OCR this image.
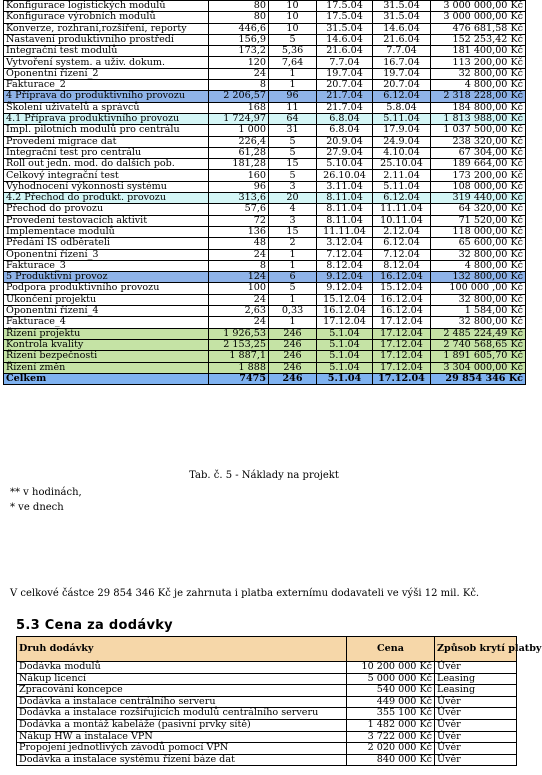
Konfigurace logistických modulů	80	10	17.5.04	31.5.04	3 000 000,00 Kč
Konfigurace výrobních modulů	80	10	17.5.04	31.5.04	3 000 000,00 Kč
Konverze, rozhraní,rozšíření, reporty	446,6	10	31.5.04	14.6.04	476 681,58 Kč
Nastavení produktivního prostředí	156,9	5	14.6.04	21.6.04	152 253,42 Kč
Integrační test modulů	173,2	5,36	21.6.04	7.7.04	181 400,00 Kč
Vytvoření system. a uživ. dokum.	120	7,64	7.7.04	16.7.04	113 200,00 Kč
Oponentní řízení_2	24	1	19.7.04	19.7.04	32 800,00 Kč
Fakturace_2	8	1	20.7.04	20.7.04	4 800,00 Kč
4 Příprava do produktivního provozu	2 206,57	96	21.7.04	6.12.04	2 318 228,00 Kč
Školení uživatelů a správců	168	11	21.7.04	5.8.04	184 800,00 Kč
4.1 Příprava produktivního provozu	1 724,97	64	6.8.04	5.11.04	1 813 988,00 Kč
Impl. pilotních modulů pro centrálu	1 000	31	6.8.04	17.9.04	1 037 500,00 Kč
Provedení migrace dat	226,4	5	20.9.04	24.9.04	238 320,00 Kč
Integrační test pro centrálu	61,28	5	27.9.04	4.10.04	67 304,00 Kč
Roll out jedn. mod. do dalších pob.	181,28	15	5.10.04	25.10.04	189 664,00 Kč
Celkový integrační test	160	5	26.10.04	2.11.04	173 200,00 Kč
Vyhodnocení výkonnosti systému	96	3	3.11.04	5.11.04	108 000,00 Kč
4.2 Přechod do produkt. provozu	313,6	20	8.11.04	6.12.04	319 440,00 Kč
Přechod do provozu	57,6	4	8.11.04	11.11.04	64 320,00 Kč
Provedení testovacích aktivit	72	3	8.11.04	10.11.04	71 520,00 Kč
Implementace modulů	136	15	11.11.04	2.12.04	118 000,00 Kč
Předání IS odběrateli	48	2	3.12.04	6.12.04	65 600,00 Kč
Oponentní řízení_3	24	1	7.12.04	7.12.04	32 800,00 Kč
Fakturace_3	8	1	8.12.04	8.12.04	4 800,00 Kč
5 Produktivní provoz	124	6	9.12.04	16.12.04	132 800,00 Kč
Podpora produktivního provozu	100	5	9.12.04	15.12.04	100 000 ,00 Kč
Ukončení projektu	24	1	15.12.04	16.12.04	32 800,00 Kč
Oponentní řízení_4	2,63	0,33	16.12.04	16.12.04	1 584,00 Kč
Fakturace_4	24	1	17.12.04	17.12.04	32 800,00 Kč
Řízení projektu	1 926,53	246	5.1.04	17.12.04	2 485 224,49 Kč
Kontrola kvality	2 153,25	246	5.1.04	17.12.04	2 740 568,65 Kč
Řízení bezpečnosti	1 887,1	246	5.1.04	17.12.04	1 891 605,70 Kč
Řízení změn	1 888	246	5.1.04	17.12.04	3 304 000,00 Kč
Celkem	7475	246	5.1.04	17.12.04	29 854 346 Kč
Tab. č. 5 - Náklady na projekt
** v hodinách,
* ve dnech
V celkové částce 29 854 346 Kč je zahrnuta i platba externímu dodavateli ve výši 12 mil. Kč.
5.3 Cena za dodávky
Druh dodávky	Cena	Způsob krytí platby
Dodávka modulů	10 200 000 Kč	Úvěr
Nákup licencí	5 000 000 Kč	Leasing
Zpracování koncepce	540 000 Kč	Leasing
Dodávka a instalace centrálního serveru	449 000 Kč	Úvěr
Dodávka a instalace rozšiřujících modulů centrálního serveru	355 100 Kč	Úvěr
Dodávka a montáž kabeláže (pasivní prvky sítě)	1 482 000 Kč	Úvěr
Nákup HW a instalace VPN	3 722 000 Kč	Úvěr
Propojení jednotlivých závodů pomocí VPN	2 020 000 Kč	Úvěr
Dodávka a instalace systému řízení báze dat	840 000 Kč	Úvěr
